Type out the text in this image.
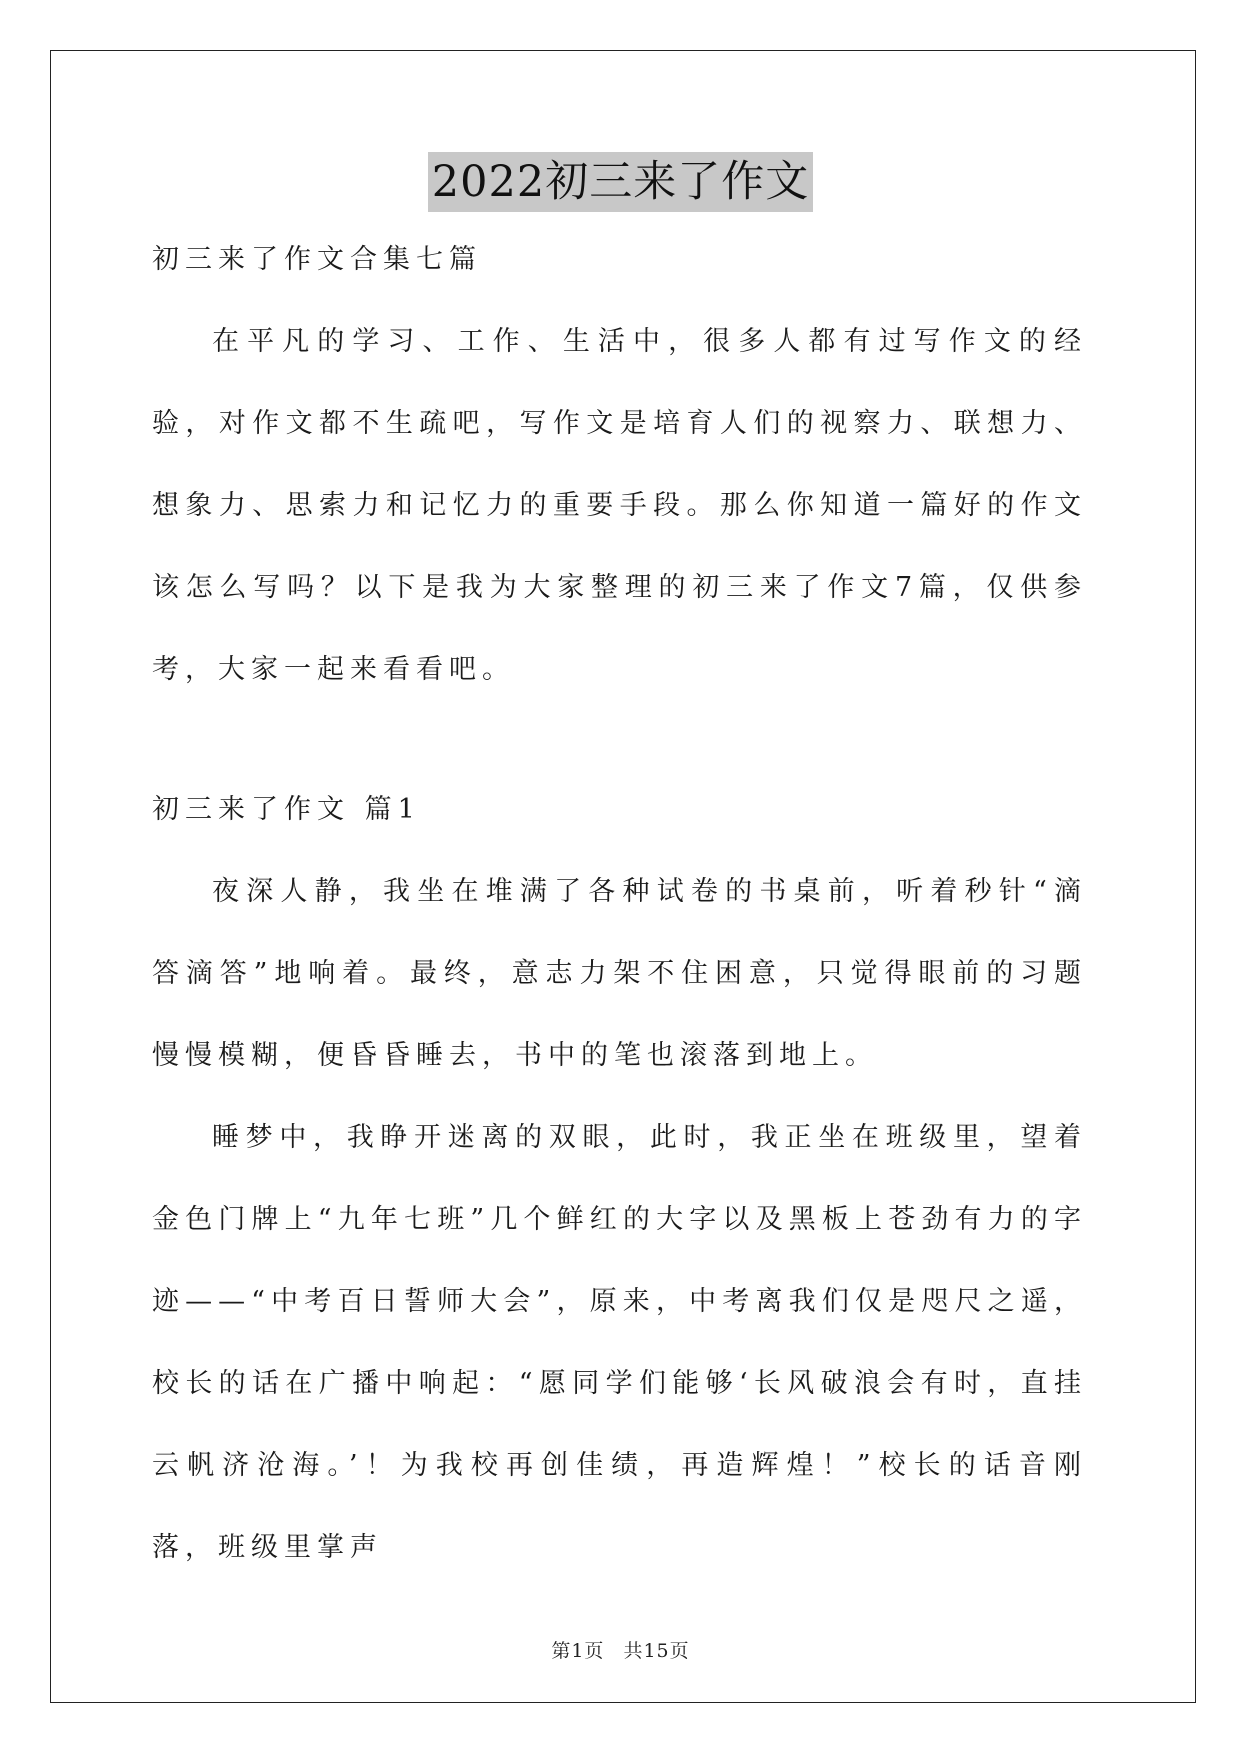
2022初三来了作文

初三来了作文合集七篇

在平凡的学习、工作、生活中，很多人都有过写作文的经验，对作文都不生疏吧，写作文是培育人们的视察力、联想力、想象力、思索力和记忆力的重要手段。那么你知道一篇好的作文该怎么写吗？以下是我为大家整理的初三来了作文7篇，仅供参考，大家一起来看看吧。

初三来了作文 篇1

夜深人静，我坐在堆满了各种试卷的书桌前，听着秒针“滴答滴答”地响着。最终，意志力架不住困意，只觉得眼前的习题慢慢模糊，便昏昏睡去，书中的笔也滚落到地上。

睡梦中，我睁开迷离的双眼，此时，我正坐在班级里，望着金色门牌上“九年七班”几个鲜红的大字以及黑板上苍劲有力的字迹——“中考百日誓师大会”，原来，中考离我们仅是咫尺之遥，校长的话在广播中响起：“愿同学们能够‘长风破浪会有时，直挂云帆济沧海。’！为我校再创佳绩，再造辉煌！”校长的话音刚落，班级里掌声

第1页 共15页
